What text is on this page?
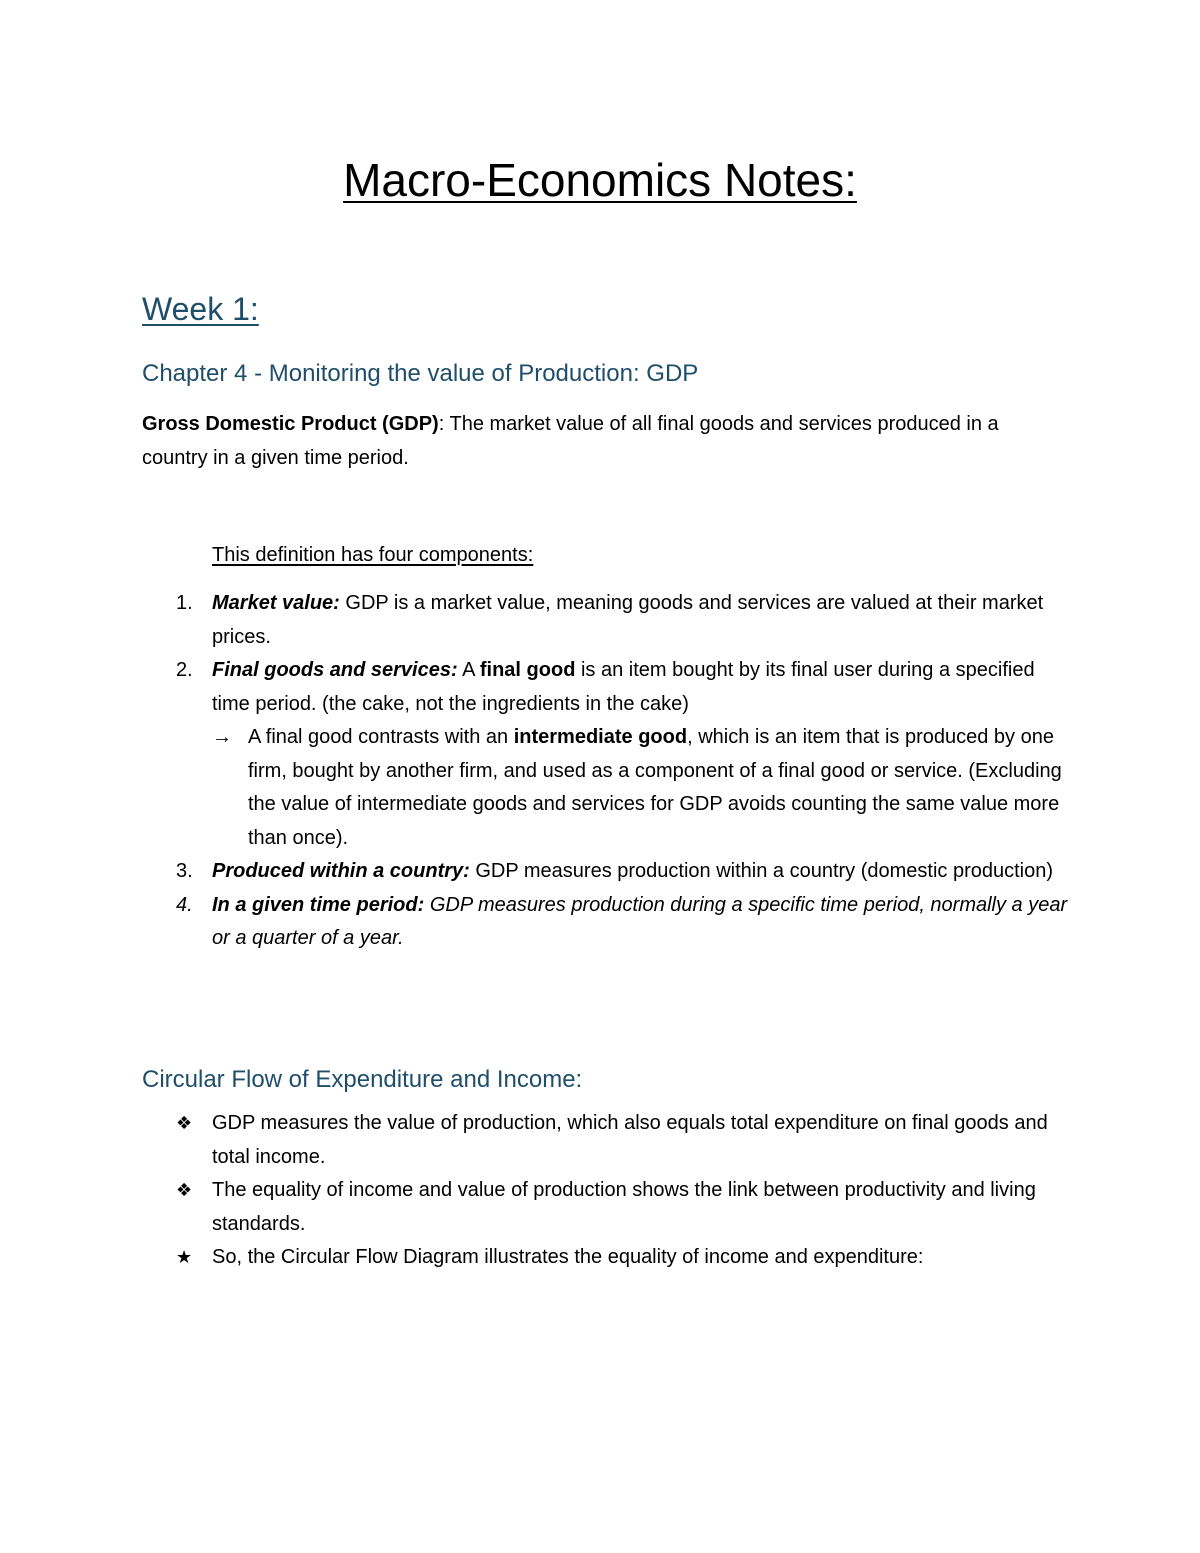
Macro-Economics Notes:
Week 1:
Chapter 4 - Monitoring the value of Production: GDP

Gross Domestic Product (GDP): The market value of all final goods and services produced in a country in a given time period.

This definition has four components:

1. Market value: GDP is a market value, meaning goods and services are valued at their market prices.
2. Final goods and services: A final good is an item bought by its final user during a specified time period. (the cake, not the ingredients in the cake)
→ A final good contrasts with an intermediate good, which is an item that is produced by one firm, bought by another firm, and used as a component of a final good or service. (Excluding the value of intermediate goods and services for GDP avoids counting the same value more than once).
3. Produced within a country: GDP measures production within a country (domestic production)
4. In a given time period: GDP measures production during a specific time period, normally a year or a quarter of a year.
Circular Flow of Expenditure and Income:
❖ GDP measures the value of production, which also equals total expenditure on final goods and total income.
❖ The equality of income and value of production shows the link between productivity and living standards.
★ So, the Circular Flow Diagram illustrates the equality of income and expenditure:
